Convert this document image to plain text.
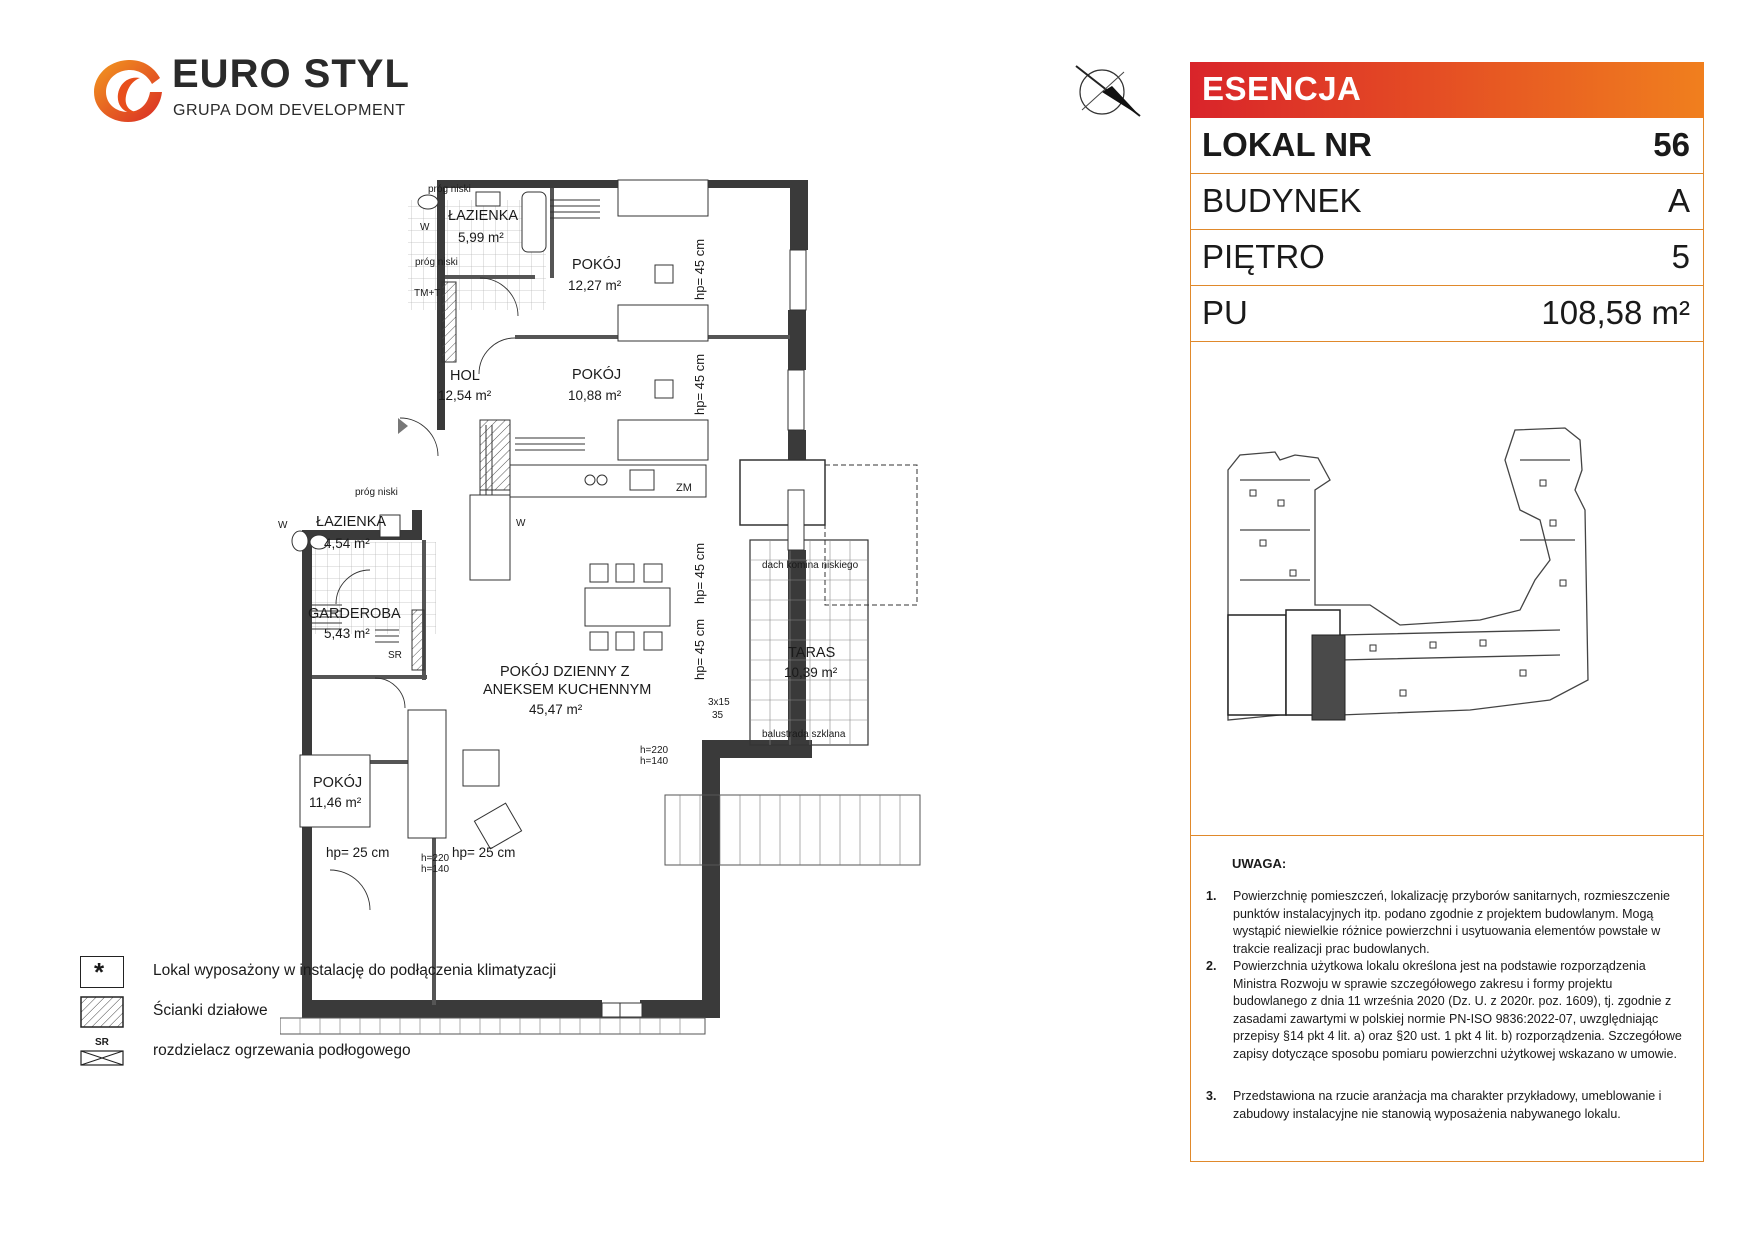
EURO STYL
GRUPA DOM DEVELOPMENT
ESENCJA
LOKAL NR	56
BUDYNEK	A
PIĘTRO	5
PU	108,58 m²
UWAGA:
1. Powierzchnię pomieszczeń, lokalizację przyborów sanitarnych, rozmieszczenie punktów instalacyjnych itp. podano zgodnie z projektem budowlanym. Mogą wystąpić niewielkie różnice powierzchni i usytuowania elementów powstałe w trakcie realizacji prac budowlanych.
2. Powierzchnia użytkowa lokalu określona jest na podstawie rozporządzenia Ministra Rozwoju w sprawie szczegółowego zakresu i formy projektu budowlanego z dnia 11 września 2020 (Dz. U. z 2020r. poz. 1609), tj. zgodnie z zasadami zawartymi w polskiej normie PN-ISO 9836:2022-07, uwzględniając przepisy §14 pkt 4 lit. a) oraz §20 ust. 1 pkt 4 lit. b) rozporządzenia. Szczegółowe zapisy dotyczące sposobu pomiaru powierzchni użytkowej wskazano w umowie.
3. Przedstawiona na rzucie aranżacja ma charakter przykładowy, umeblowanie i zabudowy instalacyjne nie stanowią wyposażenia nabywanego lokalu.
próg niski
próg niski
próg niski
TM+T
ZM
W
W
W
SR
ŁAZIENKA
5,99 m²
POKÓJ
12,27 m²
HOL
12,54 m²
POKÓJ
10,88 m²
ŁAZIENKA
4,54 m²
GARDEROBA
5,43 m²
POKÓJ DZIENNY Z
ANEKSEM KUCHENNYM
45,47 m²
POKÓJ
11,46 m²
TARAS
10,39 m²
dach komina niskiego
balustrada szklana
3x15
35
hp= 25 cm	hp= 25 cm
h=220
h=140
h=220
h=140
hp= 45 cm
hp= 45 cm
hp= 45 cm
hp= 45 cm
*	Lokal wyposażony w instalację do podłączenia klimatyzacji
Ścianki działowe
SR	rozdzielacz ogrzewania podłogowego
